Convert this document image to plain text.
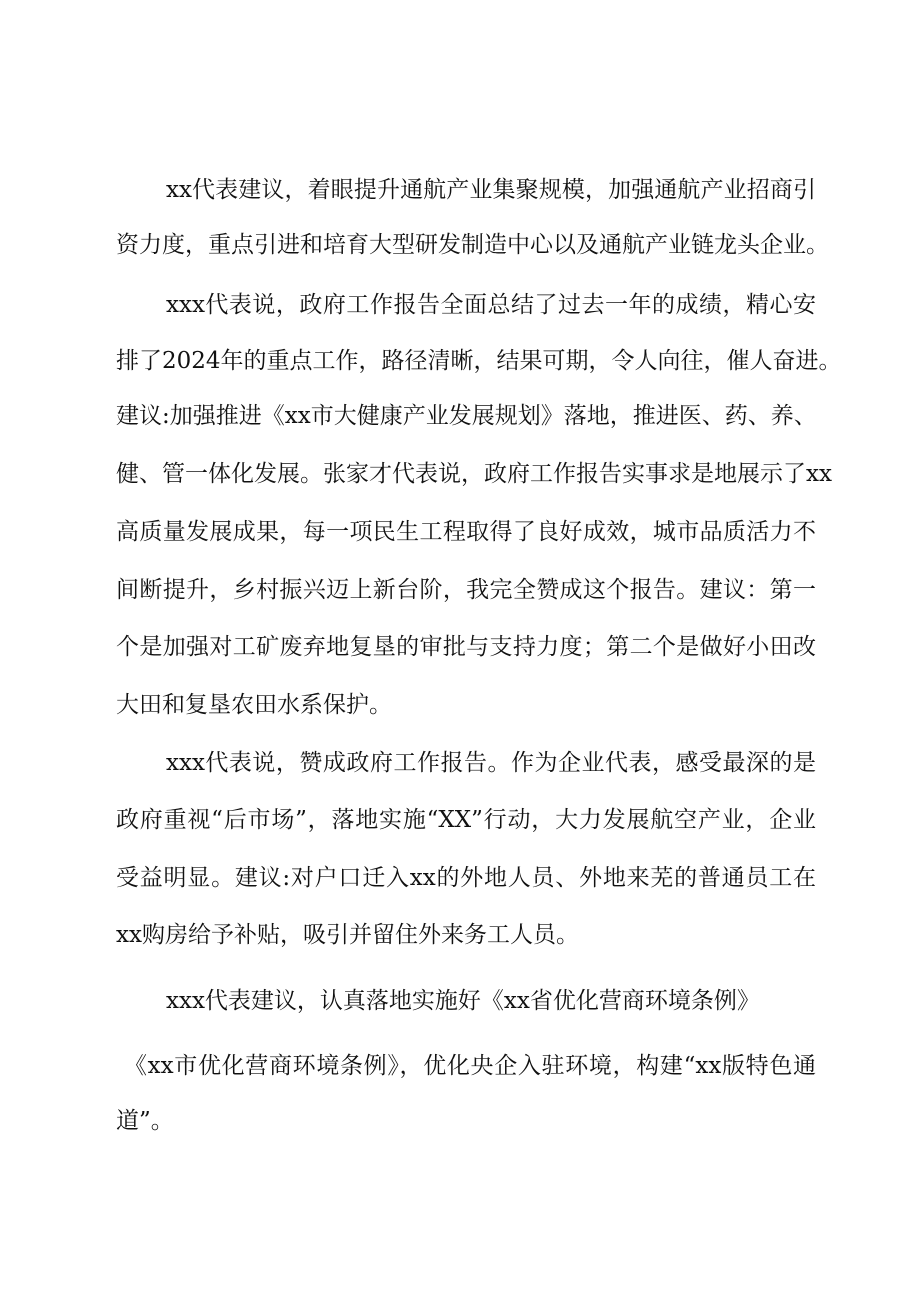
xx代表建议，着眼提升通航产业集聚规模，加强通航产业招商引

资力度，重点引进和培育大型研发制造中心以及通航产业链龙头企业。

xxx代表说，政府工作报告全面总结了过去一年的成绩，精心安

排了2024年的重点工作，路径清晰，结果可期，令人向往，催人奋进。

建议:加强推进《xx市大健康产业发展规划》落地，推进医、药、养、

健、管一体化发展。张家才代表说，政府工作报告实事求是地展示了xx

高质量发展成果，每一项民生工程取得了良好成效，城市品质活力不

间断提升，乡村振兴迈上新台阶，我完全赞成这个报告。建议：第一

个是加强对工矿废弃地复垦的审批与支持力度；第二个是做好小田改

大田和复垦农田水系保护。

xxx代表说，赞成政府工作报告。作为企业代表，感受最深的是

政府重视“后市场”，落地实施“XX”行动，大力发展航空产业，企业

受益明显。建议:对户口迁入xx的外地人员、外地来芜的普通员工在

xx购房给予补贴，吸引并留住外来务工人员。

xxx代表建议，认真落地实施好《xx省优化营商环境条例》

《xx市优化营商环境条例》，优化央企入驻环境，构建“xx版特色通

道”。
